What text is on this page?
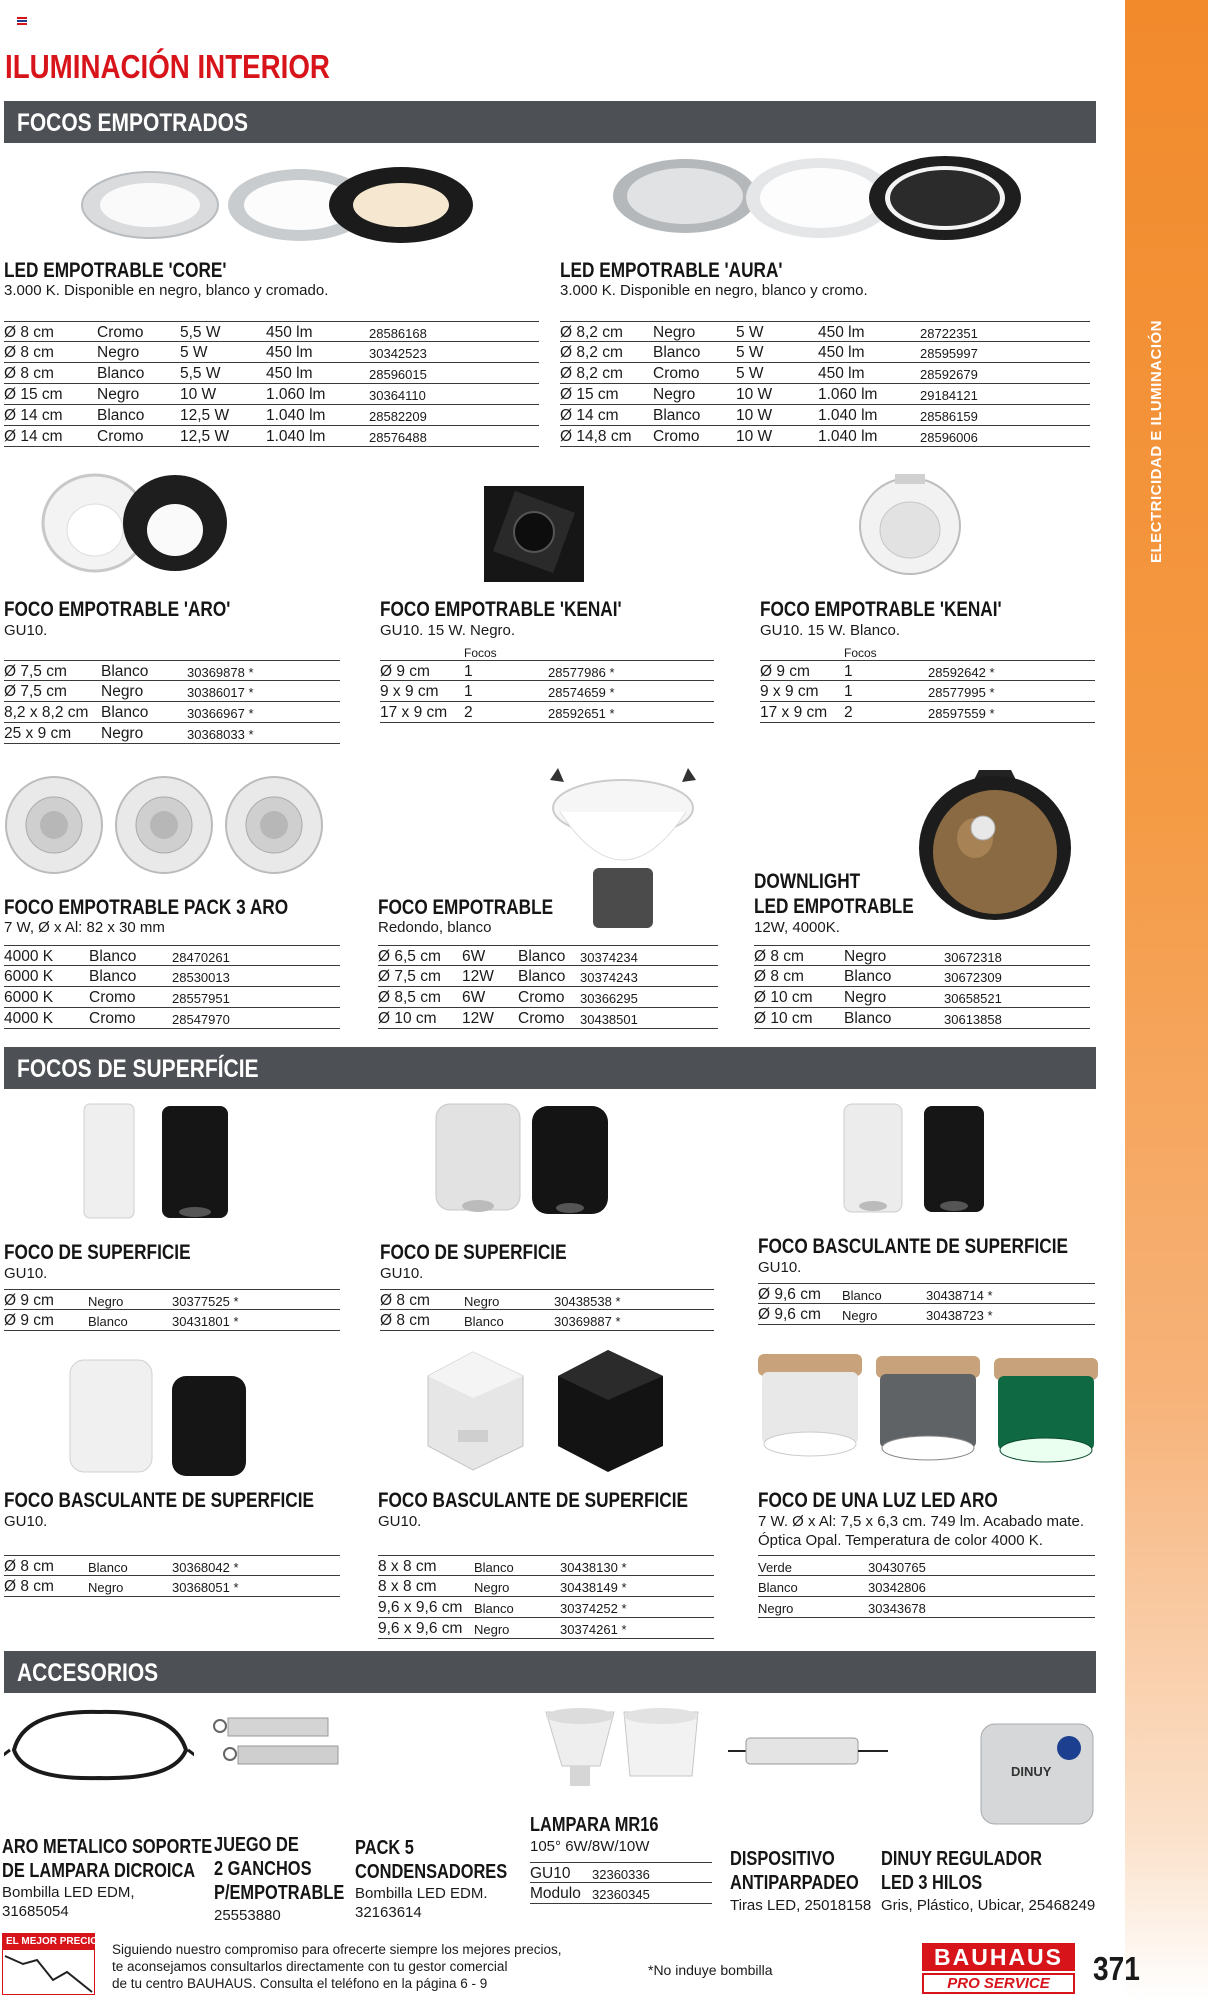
ELECTRICIDAD E ILUMINACIÓN
ILUMINACIÓN INTERIOR
FOCOS EMPOTRADOS
LED EMPOTRABLE 'CORE'
3.000 K. Disponible en negro, blanco y cromado.
Ø 8 cm	Cromo 5,5 W	450 lm	28586168
Ø 8 cm	Negro	5 W	450 lm	30342523
Ø 8 cm	Blanco 5,5 W	450 lm	28596015
Ø 15 cm Negro	10 W	1.060 lm	30364110
Ø 14 cm Blanco 12,5 W 1.040 lm	28582209
Ø 14 cm Cromo 12,5 W 1.040 lm	28576488
LED EMPOTRABLE 'AURA'
3.000 K. Disponible en negro, blanco y cromo.
Ø 8,2 cm Negro	5 W	450 lm	28722351
Ø 8,2 cm Blanco 5 W	450 lm	28595997
Ø 8,2 cm Cromo 5 W	450 lm	28592679
Ø 15 cm Negro	10 W	1.060 lm	29184121
Ø 14 cm Blanco 10 W	1.040 lm	28586159
Ø 14,8 cm Cromo 10 W	1.040 lm	28596006
FOCO EMPOTRABLE 'ARO'
GU10.
Ø 7,5 cm Blanco	30369878 *
Ø 7,5 cm Negro	30386017 *
8,2 x 8,2 cm Blanco	30366967 *
25 x 9 cm Negro	30368033 *
FOCO EMPOTRABLE 'KENAI'
GU10. 15 W. Negro.
Focos
Ø 9 cm 1	28577986 *
9 x 9 cm 1	28574659 *
17 x 9 cm 2	28592651 *
FOCO EMPOTRABLE 'KENAI'
GU10. 15 W. Blanco.
Focos
Ø 9 cm 1	28592642 *
9 x 9 cm 1	28577995 *
17 x 9 cm 2	28597559 *
FOCO EMPOTRABLE PACK 3 ARO
7 W, Ø x Al: 82 x 30 mm
4000 K Blanco	28470261
6000 K Blanco	28530013
6000 K Cromo	28557951
4000 K Cromo	28547970
FOCO EMPOTRABLE
Redondo, blanco
Ø 6,5 cm 6W Blanco 30374234
Ø 7,5 cm 12W Blanco 30374243
Ø 8,5 cm 6W Cromo 30366295
Ø 10 cm 12W Cromo 30438501
DOWNLIGHT
LED EMPOTRABLE
12W, 4000K.
Ø 8 cm	Negro	30672318
Ø 8 cm	Blanco	30672309
Ø 10 cm Negro	30658521
Ø 10 cm Blanco	30613858
FOCOS DE SUPERFÍCIE
FOCO DE SUPERFICIE
GU10.
Ø 9 cm	Negro	30377525 *
Ø 9 cm	Blanco	30431801 *
FOCO DE SUPERFICIE
GU10.
Ø 8 cm	Negro	30438538 *
Ø 8 cm	Blanco	30369887 *
FOCO BASCULANTE DE SUPERFICIE
GU10.
Ø 9,6 cm Blanco	30438714 *
Ø 9,6 cm Negro	30438723 *
FOCO BASCULANTE DE SUPERFICIE
GU10.
Ø 8 cm	Blanco	30368042 *
Ø 8 cm	Negro	30368051 *
FOCO BASCULANTE DE SUPERFICIE
GU10.
8 x 8 cm	Blanco	30438130 *
8 x 8 cm	Negro	30438149 *
9,6 x 9,6 cm Blanco	30374252 *
9,6 x 9,6 cm Negro	30374261 *
FOCO DE UNA LUZ LED ARO
7 W. Ø x Al: 7,5 x 6,3 cm. 749 lm. Acabado mate.
Óptica Opal. Temperatura de color 4000 K.
Verde	30430765
Blanco	30342806
Negro	30343678
ACCESORIOS
DINUY
ARO METALICO SOPORTE
DE LAMPARA DICROICA
Bombilla LED EDM,
31685054
JUEGO DE
2 GANCHOS
P/EMPOTRABLE
25553880
PACK 5
CONDENSADORES
Bombilla LED EDM.
32163614
LAMPARA MR16
105° 6W/8W/10W
GU10 32360336
Modulo 32360345
DISPOSITIVO
ANTIPARPADEO
Tiras LED, 25018158
DINUY REGULADOR
LED 3 HILOS
Gris, Plástico, Ubicar, 25468249
EL MEJOR PRECIO
Siguiendo nuestro compromiso para ofrecerte siempre los mejores precios,
te aconsejamos consultarlos directamente con tu gestor comercial
de tu centro BAUHAUS. Consulta el teléfono en la página 6 - 9
*No induye bombilla	BAUHAUS
PRO SERVICE	371
